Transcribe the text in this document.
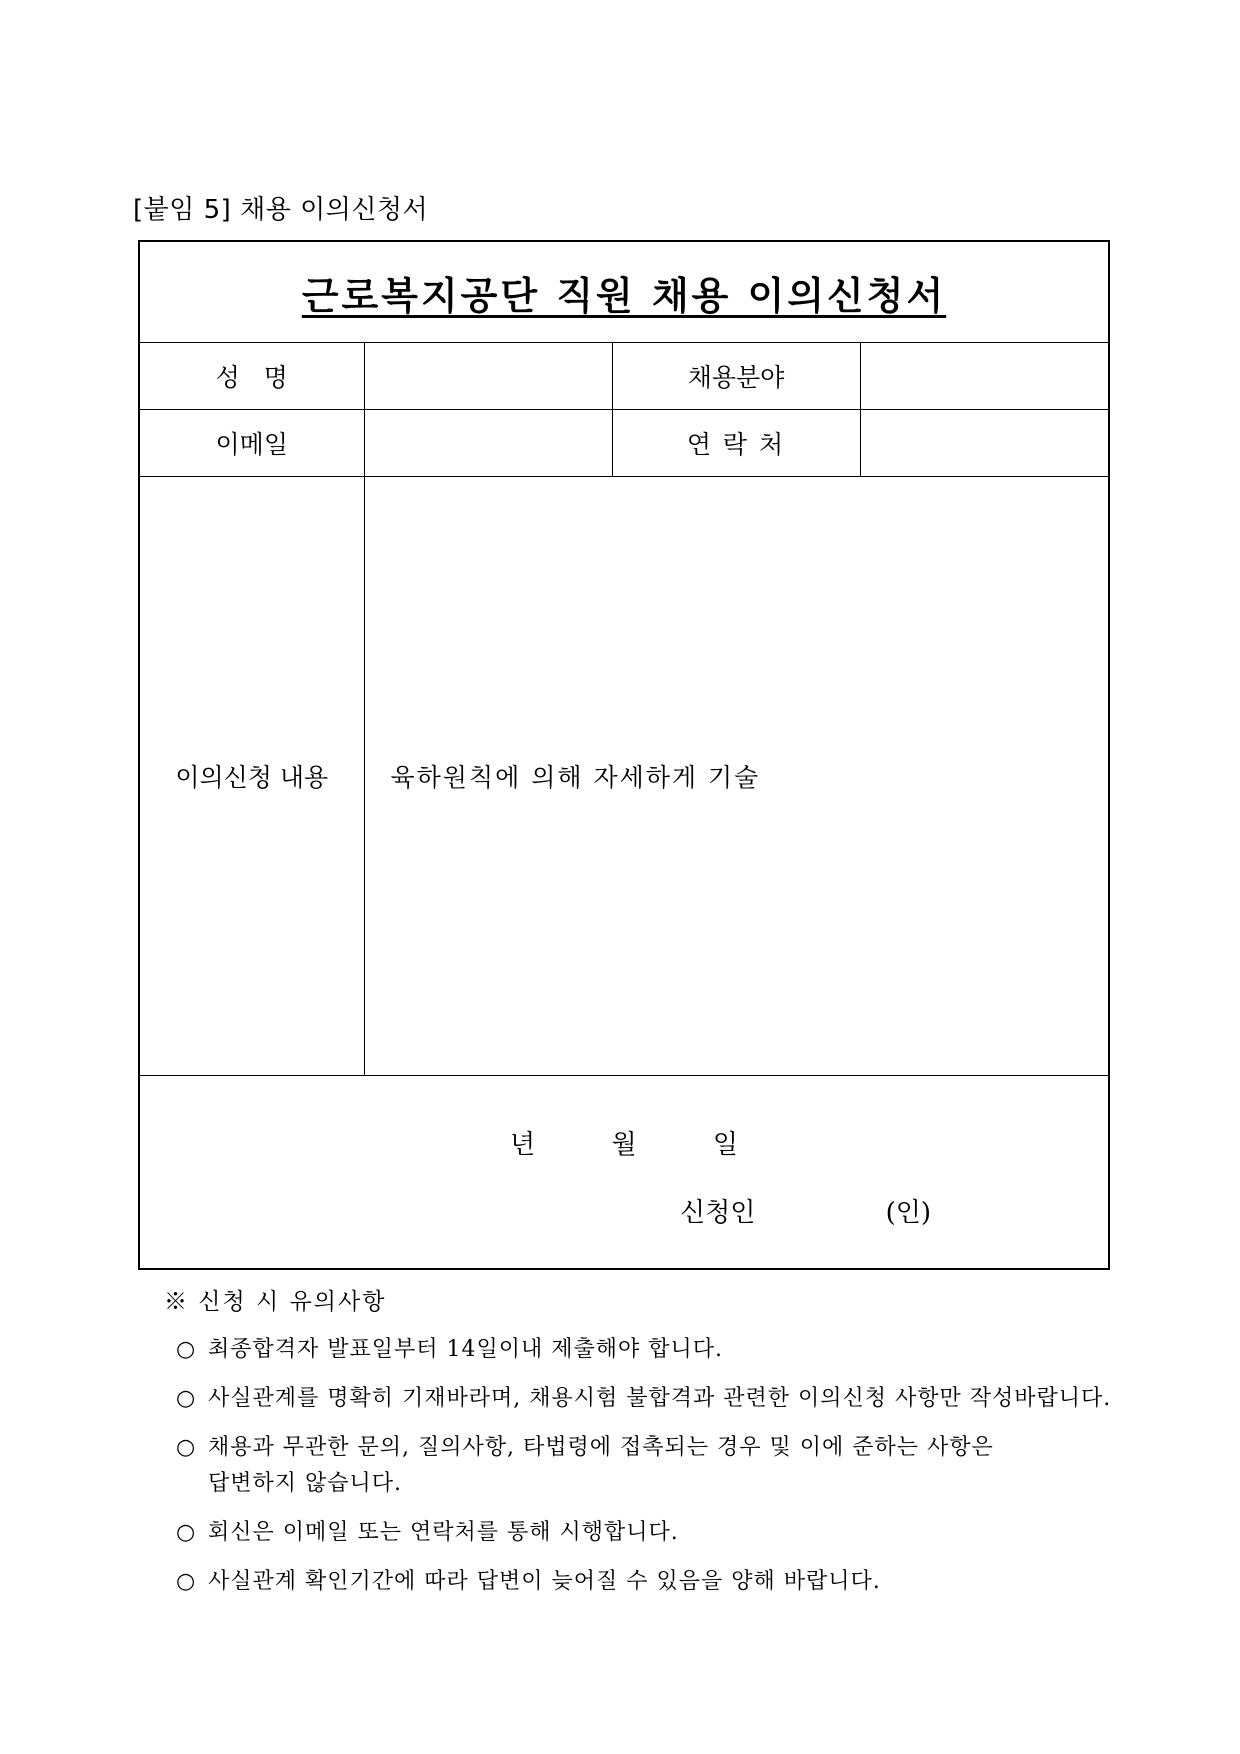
[붙임 5] 채용 이의신청서
근로복지공단 직원 채용 이의신청서			
성   명		채용분야	
이메일		연 락 처	
이의신청 내용	육하원칙에 의해 자세하게 기술		

년 월 일
신청인 (인)			
※ 신청 시 유의사항
○ 최종합격자 발표일부터 14일이내 제출해야 합니다.
○ 사실관계를 명확히 기재바라며, 채용시험 불합격과 관련한 이의신청 사항만 작성바랍니다.
○ 채용과 무관한 문의, 질의사항, 타법령에 접촉되는 경우 및 이에 준하는 사항은
답변하지 않습니다.
○ 회신은 이메일 또는 연락처를 통해 시행합니다.
○ 사실관계 확인기간에 따라 답변이 늦어질 수 있음을 양해 바랍니다.
